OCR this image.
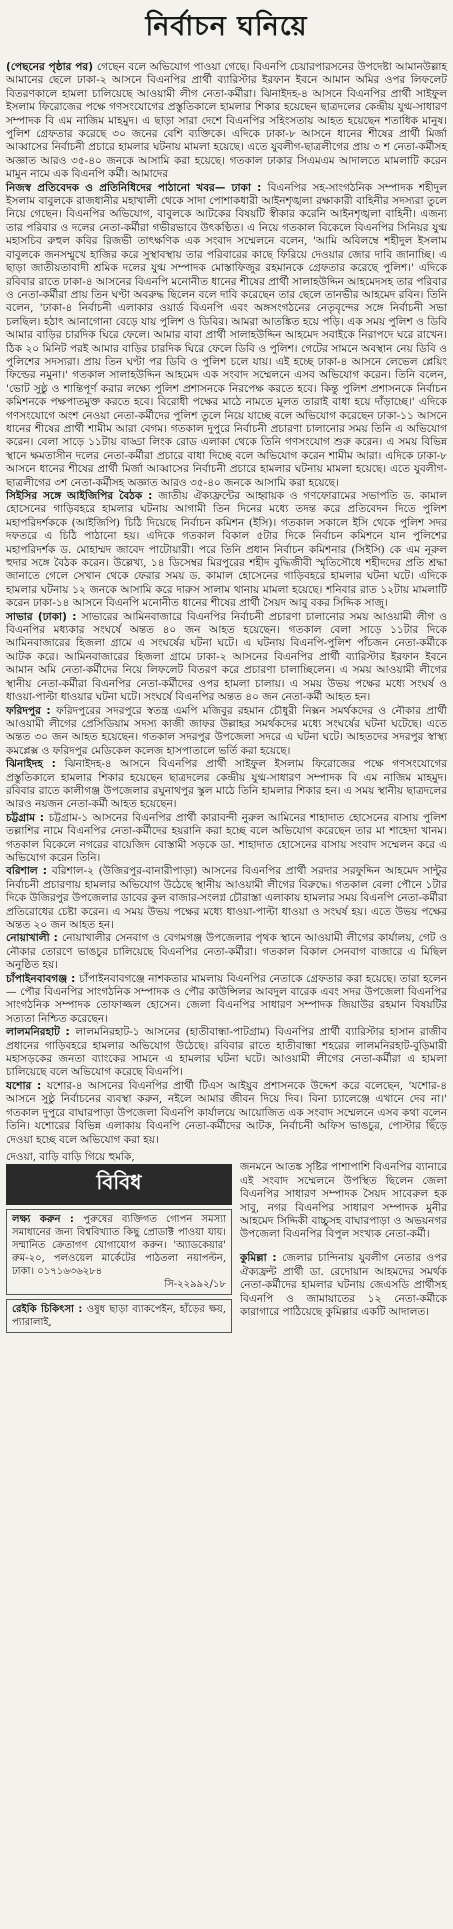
নির্বাচন ঘনিয়ে

(পেছনের পৃষ্ঠার পর) গেছেন বলে অভিযোগ পাওয়া গেছে। বিএনপি চেয়ারপারসনের উপদেষ্টা আমানউল্লাহ আমানের ছেলে ঢাকা-২ আসনে বিএনপির প্রার্থী ব্যারিস্টার ইরফান ইবনে আমান অমির ওপর লিফলেট বিতরণকালে হামলা চালিয়েছে আওয়ামী লীগ নেতা-কর্মীরা। ঝিনাইদহ-৪ আসনে বিএনপির প্রার্থী সাইফুল ইসলাম ফিরোজের পক্ষে গণসংযোগের প্রস্তুতিকালে হামলার শিকার হয়েছেন ছাত্রদলের কেন্দ্রীয় যুগ্ম-সাধারণ সম্পাদক বি এম নাজিম মাহমুদ। এ ছাড়া সারা দেশে বিএনপির সহিংসতায় আহত হয়েছেন শতাধিক মানুষ। পুলিশ গ্রেফতার করেছে ৩০ জনের বেশি ব্যক্তিকে। এদিকে ঢাকা-৮ আসনে ধানের শীষের প্রার্থী মির্জা আব্বাসের নির্বাচনী প্রচারে হামলার ঘটনায় মামলা হয়েছে। এতে যুবলীগ-ছাত্রলীগের প্রায় ৩ শ নেতা-কর্মীসহ অজ্ঞাত আরও ৩৫-৪০ জনকে আসামি করা হয়েছে। গতকাল ঢাকার সিএমএম আদালতে মামলাটি করেন মামুন নামে এক বিএনপি কর্মী। আমাদের

নিজস্ব প্রতিবেদক ও প্রতিনিধিদের পাঠানো খবর— ঢাকা : বিএনপির সহ-সাংগঠনিক সম্পাদক শহীদুল ইসলাম বাবুলকে রাজধানীর মহাখালী থেকে সাদা পোশাকধারী আইনশৃঙ্খলা রক্ষাকারী বাহিনীর সদস্যরা তুলে নিয়ে গেছেন। বিএনপির অভিযোগ, বাবুলকে আটকের বিষয়টি স্বীকার করেনি আইনশৃঙ্খলা বাহিনী। এজন্য তার পরিবার ও দলের নেতা-কর্মীরা গভীরভাবে উৎকণ্ঠিত। এ নিয়ে গতকাল বিকেলে বিএনপির সিনিয়র যুগ্ম মহাসচিব রুহুল কবির রিজভী তাৎক্ষণিক এক সংবাদ সম্মেলনে বলেন, 'আমি অবিলম্বে শহীদুল ইসলাম বাবুলকে জনসম্মুখে হাজির করে সুস্থাবস্থায় তার পরিবারের কাছে ফিরিয়ে দেওয়ার জোর দাবি জানাচ্ছি। এ ছাড়া জাতীয়তাবাদী শ্রমিক দলের যুগ্ম সম্পাদক মোস্তাফিজুর রহমানকে গ্রেফতার করেছে পুলিশ।' এদিকে রবিবার রাতে ঢাকা-৪ আসনের বিএনপি মনোনীত ধানের শীষের প্রার্থী সালাহউদ্দিন আহমেদসহ তার পরিবার ও নেতা-কর্মীরা প্রায় তিন ঘণ্টা অবরুদ্ধ ছিলেন বলে দাবি করেছেন তার ছেলে তানভীর আহমেদ রবিন। তিনি বলেন, 'ঢাকা-৪ নির্বাচনী এলাকার ওয়ার্ড বিএনপি এবং অঙ্গসংগঠনের নেতৃবৃন্দের সঙ্গে নির্বাচনী সভা চলছিল। হঠাৎ আনাগোনা বেড়ে যায় পুলিশ ও ডিবির। আমরা আতঙ্কিত হয়ে পড়ি। এক সময় পুলিশ ও ডিবি আমার বাড়ির চারদিক ঘিরে ফেলে। আমার বাবা প্রার্থী সালাহউদ্দিন আহমেদ সবাইকে নিরাপদে ঘরে রাখেন। ঠিক ২০ মিনিট পরই আমার বাড়ির চারদিক ঘিরে ফেলে ডিবি ও পুলিশ। গেটের সামনে অবস্থান নেয় ডিবি ও পুলিশের সদস্যরা। প্রায় তিন ঘণ্টা পর ডিবি ও পুলিশ চলে যায়। এই হচ্ছে ঢাকা-৪ আসনে লেভেল প্লেয়িং ফিল্ডের নমুনা।' গতকাল সালাহউদ্দিন আহমেদ এক সংবাদ সম্মেলনে এসব অভিযোগ করেন। তিনি বলেন, 'ভোট সুষ্ঠু ও শান্তিপূর্ণ করার লক্ষ্যে পুলিশ প্রশাসনকে নিরপেক্ষ করতে হবে। কিন্তু পুলিশ প্রশাসনকে নির্বাচন কমিশনকে পক্ষপাতমুক্ত করতে হবে। বিরোধী পক্ষের মাঠে নামতে মূলত তারাই বাধা হয়ে দাঁড়াচ্ছে।' এদিকে গণসংযোগে অংশ নেওয়া নেতা-কর্মীদের পুলিশ তুলে নিয়ে যাচ্ছে বলে অভিযোগ করেছেন ঢাকা-১১ আসনে ধানের শীষের প্রার্থী শামীম আরা বেগম। গতকাল দুপুরে নির্বাচনী প্রচারণা চালানোর সময় তিনি এ অভিযোগ করেন। বেলা সাড়ে ১১টায় বাড্ডা লিংক রোড এলাকা থেকে তিনি গণসংযোগ শুরু করেন। এ সময় বিভিন্ন স্থানে ক্ষমতাসীন দলের নেতা-কর্মীরা প্রচারে বাধা দিচ্ছে বলে অভিযোগ করেন শামীম আরা। এদিকে ঢাকা-৮ আসনে ধানের শীষের প্রার্থী মির্জা আব্বাসের নির্বাচনী প্রচারে হামলার ঘটনায় মামলা হয়েছে। এতে যুবলীগ-ছাত্রলীগের ৩শ নেতা-কর্মীসহ অজ্ঞাত আরও ৩৫-৪০ জনকে আসামি করা হয়েছে।

সিইসির সঙ্গে আইজিপির বৈঠক : জাতীয় ঐক্যফ্রন্টের আহ্বায়ক ও গণফোরামের সভাপতি ড. কামাল হোসেনের গাড়িবহরে হামলার ঘটনায় আগামী তিন দিনের মধ্যে তদন্ত করে প্রতিবেদন দিতে পুলিশ মহাপরিদর্শককে (আইজিপি) চিঠি দিয়েছে নির্বাচন কমিশন (ইসি)। গতকাল সকালে ইসি থেকে পুলিশ সদর দফতরে এ চিঠি পাঠানো হয়। এদিকে গতকাল বিকাল ৫টার দিকে নির্বাচন কমিশনে যান পুলিশের মহাপরিদর্শক ড. মোহাম্মদ জাবেদ পাটোয়ারী। পরে তিনি প্রধান নির্বাচন কমিশনার (সিইসি) কে এম নূরুল হুদার সঙ্গে বৈঠক করেন। উল্লেখ্য, ১৪ ডিসেম্বর মিরপুরের শহীদ বুদ্ধিজীবী স্মৃতিসৌধে শহীদদের প্রতি শ্রদ্ধা জানাতে গেলে সেখান থেকে ফেরার সময় ড. কামাল হোসেনের গাড়িবহরে হামলার ঘটনা ঘটে। এদিকে হামলার ঘটনায় ১২ জনকে আসামি করে দারুস সালাম থানায় মামলা হয়েছে। শনিবার রাত ১২টায় মামলাটি করেন ঢাকা-১৪ আসনে বিএনপি মনোনীত ধানের শীষের প্রার্থী সৈয়দ আবু বকর সিদ্দিক সাজু।

সাভার (ঢাকা) : সাভারের আমিনবাজারে বিএনপির নির্বাচনী প্রচারণা চালানোর সময় আওয়ামী লীগ ও বিএনপির মধ্যকার সংঘর্ষে অন্তত ৪০ জন আহত হয়েছেন। গতকাল বেলা সাড়ে ১১টার দিকে আমিনবাজারের হিজলা গ্রামে এ সংঘর্ষের ঘটনা ঘটে। এ ঘটনায় বিএনপি-পুলিশ পাঁচজন নেতা-কর্মীকে আটক করে। আমিনবাজারের হিজলা গ্রামে ঢাকা-২ আসনের বিএনপির প্রার্থী ব্যারিস্টার ইরফান ইবনে আমান অমি নেতা-কর্মীদের নিয়ে লিফলেট বিতরণ করে প্রচারণা চালাচ্ছিলেন। এ সময় আওয়ামী লীগের স্থানীয় নেতা-কর্মীরা বিএনপির নেতা-কর্মীদের ওপর হামলা চালায়। এ সময় উভয় পক্ষের মধ্যে সংঘর্ষ ও ধাওয়া-পাল্টা ধাওয়ার ঘটনা ঘটে। সংঘর্ষে বিএনপির অন্তত ৪০ জন নেতা-কর্মী আহত হন।

ফরিদপুর : ফরিদপুরের সদরপুরে স্বতন্ত্র এমপি মজিবুর রহমান চৌধুরী নিক্সন সমর্থকদের ও নৌকার প্রার্থী আওয়ামী লীগের প্রেসিডিয়াম সদস্য কাজী জাফর উল্লাহর সমর্থকদের মধ্যে সংঘর্ষের ঘটনা ঘটেছে। এতে অন্তত ৩০ জন আহত হয়েছেন। গতকাল সদরপুর উপজেলা সদরে এ ঘটনা ঘটে। আহতদের সদরপুর স্বাস্থ্য কমপ্লেক্স ও ফরিদপুর মেডিকেল কলেজ হাসপাতালে ভর্তি করা হয়েছে।

ঝিনাইদহ : ঝিনাইদহ-৪ আসনে বিএনপির প্রার্থী সাইফুল ইসলাম ফিরোজের পক্ষে গণসংযোগের প্রস্তুতিকালে হামলার শিকার হয়েছেন ছাত্রদলের কেন্দ্রীয় যুগ্ম-সাধারণ সম্পাদক বি এম নাজিম মাহমুদ। রবিবার রাতে কালীগঞ্জ উপজেলার রঘুনাথপুর স্কুল মাঠে তিনি হামলার শিকার হন। এ সময় স্থানীয় ছাত্রদলের আরও নয়জন নেতা-কর্মী আহত হয়েছেন।

চট্টগ্রাম : চট্টগ্রাম-১ আসনের বিএনপির প্রার্থী কারাবন্দী নুরুল আমিনের শাহাদাত হোসেনের বাসায় পুলিশ তল্লাশির নামে বিএনপির নেতা-কর্মীদের হয়রানি করা হচ্ছে বলে অভিযোগ করেছেন তার মা শাহেদা খানম। গতকাল বিকেলে নগরের বায়েজিদ বোস্তামী সড়কে ডা. শাহাদাত হোসেনের বাসায় সংবাদ সম্মেলন করে এ অভিযোগ করেন তিনি।

বরিশাল : বরিশাল-২ (উজিরপুর-বানারীপাড়া) আসনের বিএনপির প্রার্থী সরদার সরফুদ্দিন আহমেদ সান্টুর নির্বাচনী প্রচারণায় হামলার অভিযোগ উঠেছে স্থানীয় আওয়ামী লীগের বিরুদ্ধে। গতকাল বেলা পৌনে ১টার দিকে উজিরপুর উপজেলার ডাবের কুল বাজার-সংলগ্ন চৌরাস্তা এলাকায় হামলার সময় বিএনপি নেতা-কর্মীরা প্রতিরোধের চেষ্টা করেন। এ সময় উভয় পক্ষের মধ্যে ধাওয়া-পাল্টা ধাওয়া ও সংঘর্ষ হয়। এতে উভয় পক্ষের অন্তত ২০ জন আহত হন।

নোয়াখালী : নোয়াখালীর সেনবাগ ও বেগমগঞ্জ উপজেলার পৃথক স্থানে আওয়ামী লীগের কার্যালয়, গেট ও নৌকার তোরণে ভাঙচুর চালিয়েছে বিএনপির নেতা-কর্মীরা। গতকাল বিকাল সেনবাগ বাজারে এ মিছিল অনুষ্ঠিত হয়।

চাঁপাইনবাবগঞ্জ : চাঁপাইনবাবগঞ্জে নাশকতার মামলায় বিএনপির নেতাকে গ্রেফতার করা হয়েছে। তারা হলেন— পৌর বিএনপির সাংগঠনিক সম্পাদক ও পৌর কাউন্সিলর আবদুল বারেক এবং সদর উপজেলা বিএনপির সাংগঠনিক সম্পাদক তোফাজ্জল হোসেন। জেলা বিএনপির সাধারণ সম্পাদক জিয়াউর রহমান বিষয়টির সত্যতা নিশ্চিত করেছেন।

লালমনিরহাট : লালমনিরহাট-১ আসনের (হাতীবান্ধা-পাটগ্রাম) বিএনপির প্রার্থী ব্যারিস্টার হাসান রাজীব প্রধানের গাড়িবহরে হামলার অভিযোগ উঠেছে। রবিবার রাতে হাতীবান্ধা শহরের লালমনিরহাট-বুড়িমারী মহাসড়কের জনতা ব্যাংকের সামনে এ হামলার ঘটনা ঘটে। আওয়ামী লীগের নেতা-কর্মীরা এ হামলা চালিয়েছে বলে অভিযোগ করেছে বিএনপি।

যশোর : যশোর-৪ আসনের বিএনপির প্রার্থী টিএস আইয়ুব প্রশাসনকে উদ্দেশ করে বলেছেন, 'যশোর-৪ আসনে সুষ্ঠু নির্বাচনের ব্যবস্থা করুন, নইলে আমার জীবন দিয়ে দিব। বিনা চ্যালেঞ্জে এখানে দেব না।' গতকাল দুপুরে বাঘারপাড়া উপজেলা বিএনপি কার্যালয়ে আয়োজিত এক সংবাদ সম্মেলনে এসব কথা বলেন তিনি। যশোরের বিভিন্ন এলাকায় বিএনপি নেতা-কর্মীদের আটক, নির্বাচনী অফিস ভাঙচুর, পোস্টার ছিঁড়ে দেওয়া হচ্ছে বলে অভিযোগ করা হয়।

দেওয়া, বাড়ি বাড়ি গিয়ে হুমকি,

বিবিধ
লক্ষ্য করুন : পুরুষের ব্যক্তিগত গোপন সমস্যা সমাধানের জন্য বিশ্ববিখ্যাত কিছু প্রোডাক্ট পাওয়া যায়। সম্মানিত ক্রেতাগণ যোগাযোগ করুন। 'অ্যাডকেয়ার' রুম-২০, পলওয়েল মার্কেটের পাঠতলা নয়াপল্টন, ঢাকা। ০১৭১৬৩৬২৮৪
সি-২২৯৯২/১৮
রেইকি চিকিৎসা : ওষুধ ছাড়া ব্যাকপেইন, হাঁড়ের ক্ষয়, প্যারালাই,

জনমনে আতঙ্ক সৃষ্টির পাশাপাশি বিএনপির ব্যানারে এই সংবাদ সম্মেলনে উপস্থিত ছিলেন জেলা বিএনপির সাধারণ সম্পাদক সৈয়দ সাবেরুল হক সাবু, নগর বিএনপির সাধারণ সম্পাদক মুনীর আহমেদ সিদ্দিকী বাচ্চুসহ বাঘারপাড়া ও অভয়নগর উপজেলা বিএনপির বিপুল সংখ্যক নেতা-কর্মী।

কুমিল্লা : জেলার চান্দিনায় যুবলীগ নেতার ওপর ঐক্যফ্রন্ট প্রার্থী ডা. রেদোয়ান আহমদের সমর্থক নেতা-কর্মীদের হামলার ঘটনায় জেএসডি প্রার্থীসহ বিএনপি ও জামায়াতের ১২ নেতা-কর্মীকে কারাগারে পাঠিয়েছে কুমিল্লার একটি আদালত।
